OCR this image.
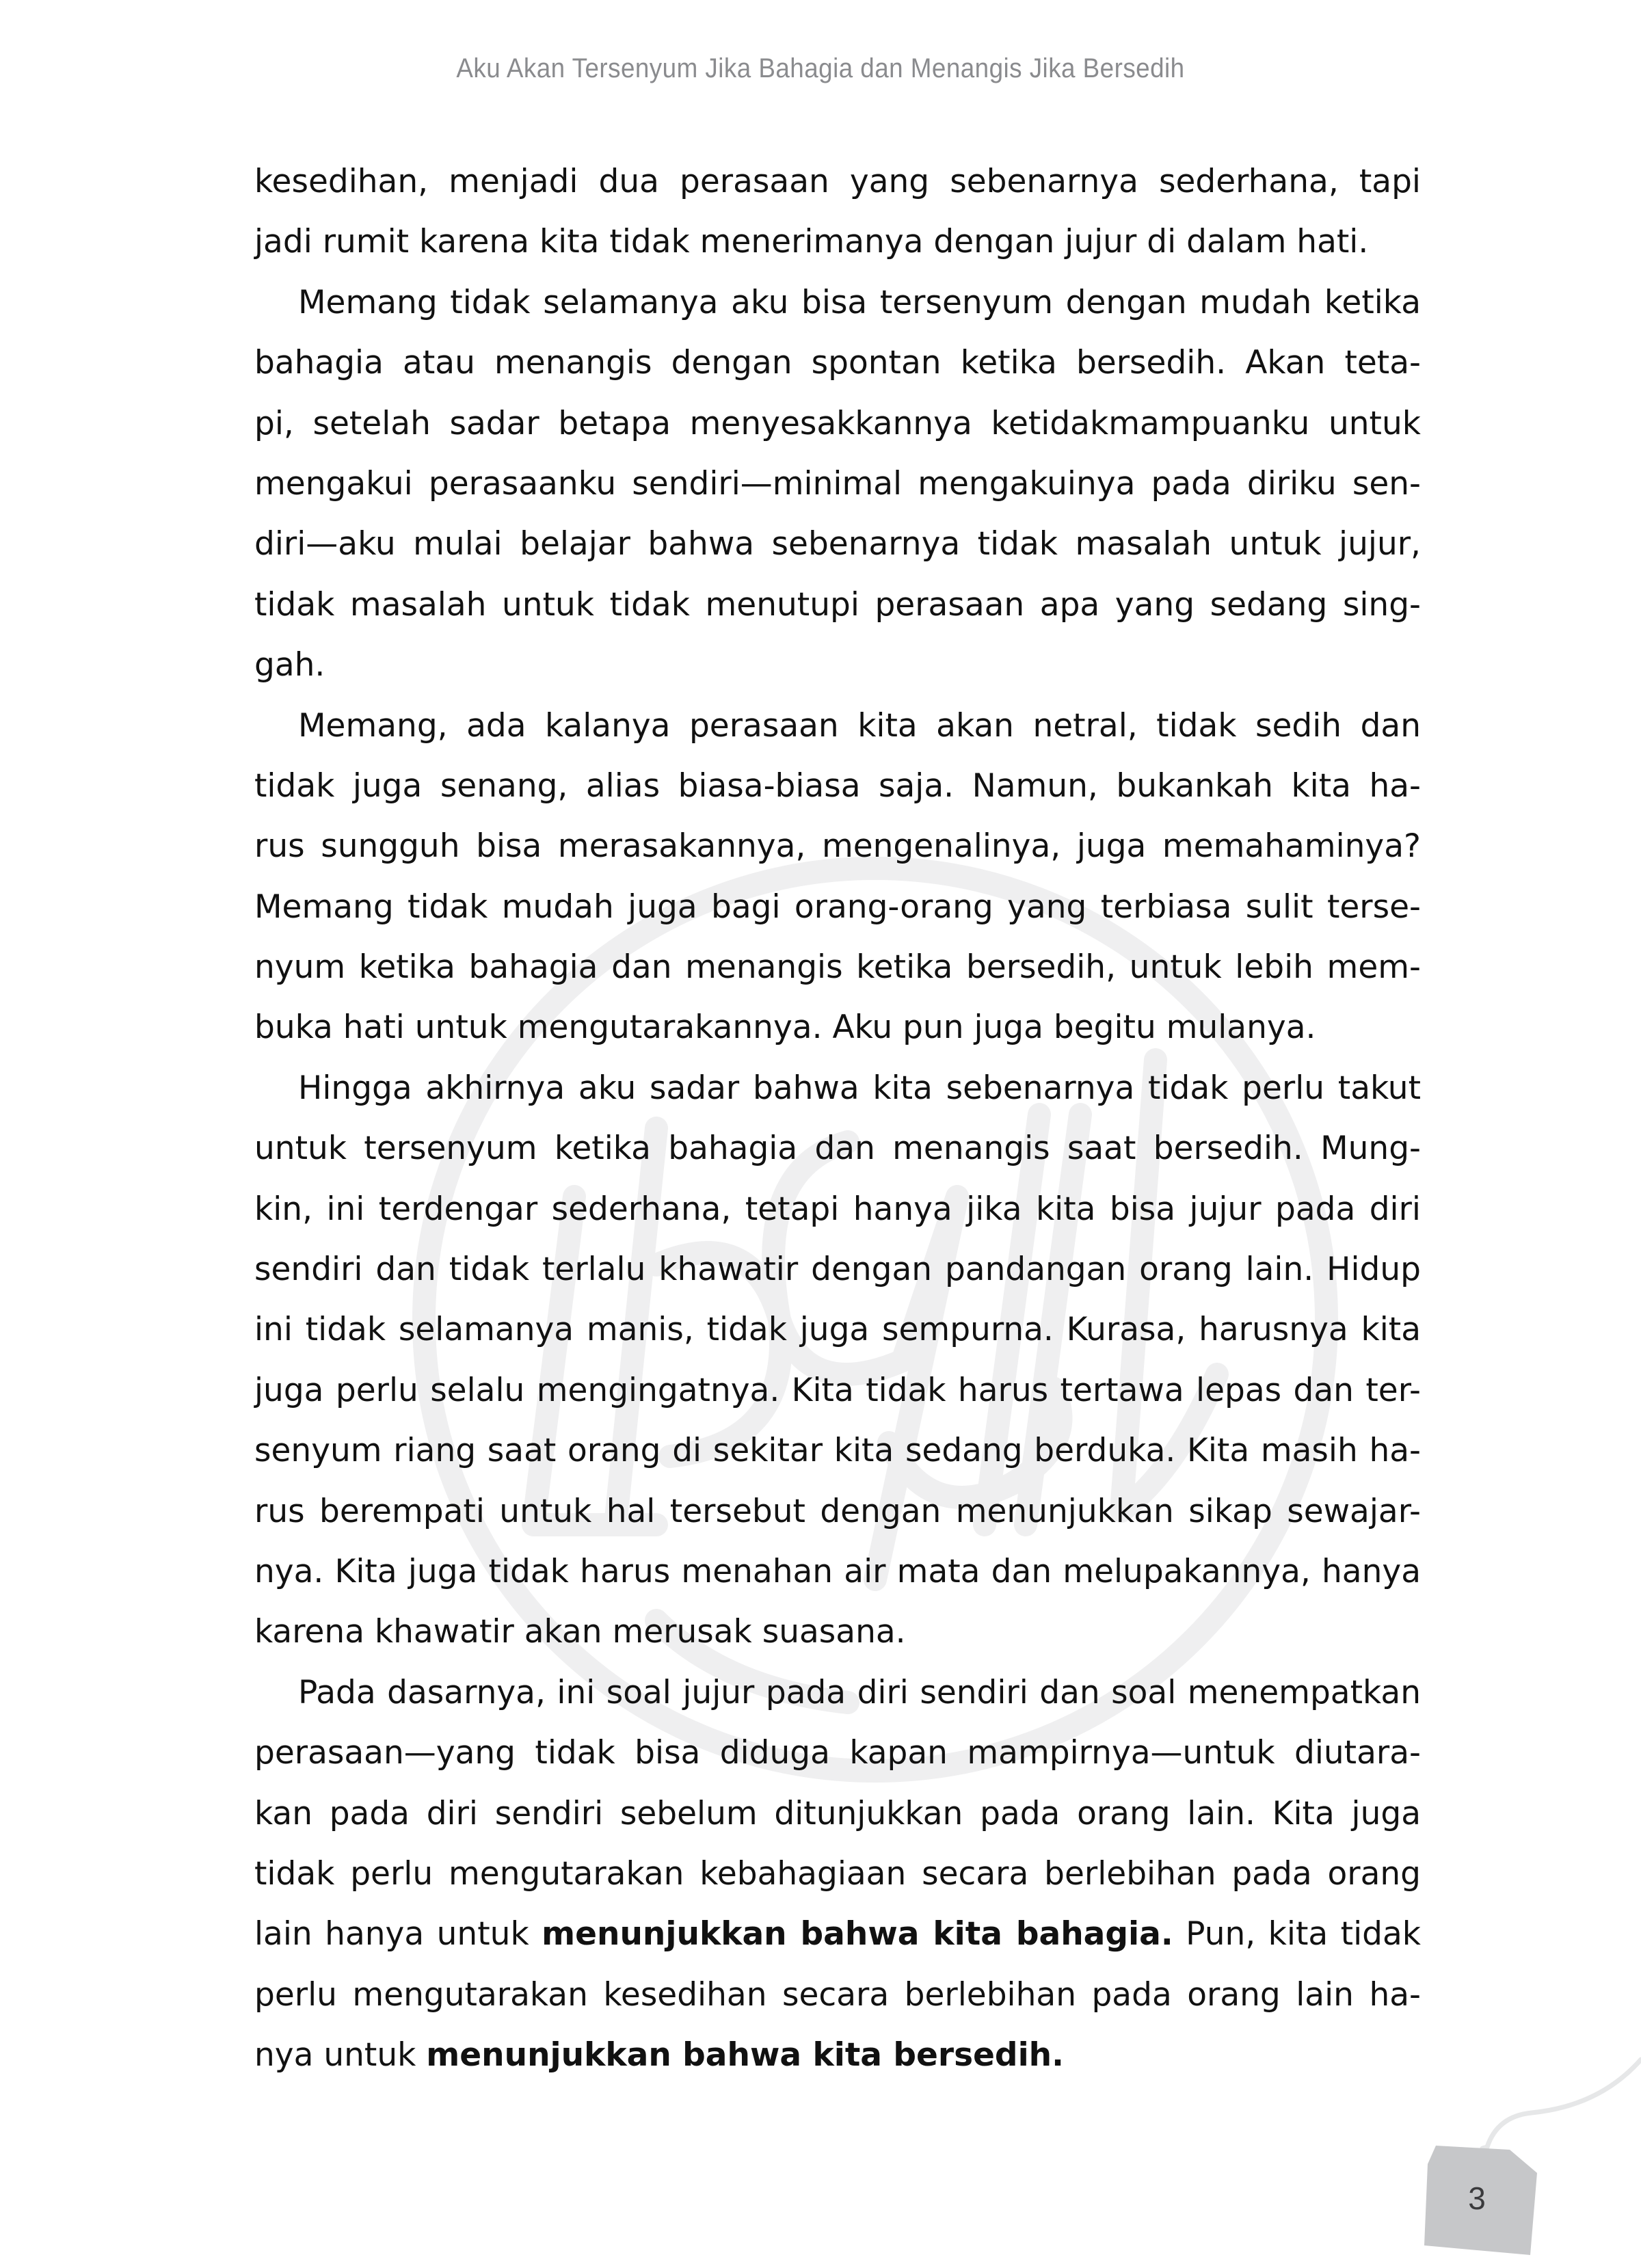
Aku Akan Tersenyum Jika Bahagia dan Menangis Jika Bersedih
kesedihan, menjadi dua perasaan yang sebenarnya sederhana, tapi
jadi rumit karena kita tidak menerimanya dengan jujur di dalam hati.
Memang tidak selamanya aku bisa tersenyum dengan mudah ketika
bahagia atau menangis dengan spontan ketika bersedih. Akan teta-
pi, setelah sadar betapa menyesakkannya ketidakmampuanku untuk
mengakui perasaanku sendiri—minimal mengakuinya pada diriku sen-
diri—aku mulai belajar bahwa sebenarnya tidak masalah untuk jujur,
tidak masalah untuk tidak menutupi perasaan apa yang sedang sing-
gah.
Memang, ada kalanya perasaan kita akan netral, tidak sedih dan
tidak juga senang, alias biasa-biasa saja. Namun, bukankah kita ha-
rus sungguh bisa merasakannya, mengenalinya, juga memahaminya?
Memang tidak mudah juga bagi orang-orang yang terbiasa sulit terse-
nyum ketika bahagia dan menangis ketika bersedih, untuk lebih mem-
buka hati untuk mengutarakannya. Aku pun juga begitu mulanya.
Hingga akhirnya aku sadar bahwa kita sebenarnya tidak perlu takut
untuk tersenyum ketika bahagia dan menangis saat bersedih. Mung-
kin, ini terdengar sederhana, tetapi hanya jika kita bisa jujur pada diri
sendiri dan tidak terlalu khawatir dengan pandangan orang lain. Hidup
ini tidak selamanya manis, tidak juga sempurna. Kurasa, harusnya kita
juga perlu selalu mengingatnya. Kita tidak harus tertawa lepas dan ter-
senyum riang saat orang di sekitar kita sedang berduka. Kita masih ha-
rus berempati untuk hal tersebut dengan menunjukkan sikap sewajar-
nya. Kita juga tidak harus menahan air mata dan melupakannya, hanya
karena khawatir akan merusak suasana.
Pada dasarnya, ini soal jujur pada diri sendiri dan soal menempatkan
perasaan—yang tidak bisa diduga kapan mampirnya—untuk diutara-
kan pada diri sendiri sebelum ditunjukkan pada orang lain. Kita juga
tidak perlu mengutarakan kebahagiaan secara berlebihan pada orang
lain hanya untuk menunjukkan bahwa kita bahagia. Pun, kita tidak
perlu mengutarakan kesedihan secara berlebihan pada orang lain ha-
nya untuk menunjukkan bahwa kita bersedih.
3
